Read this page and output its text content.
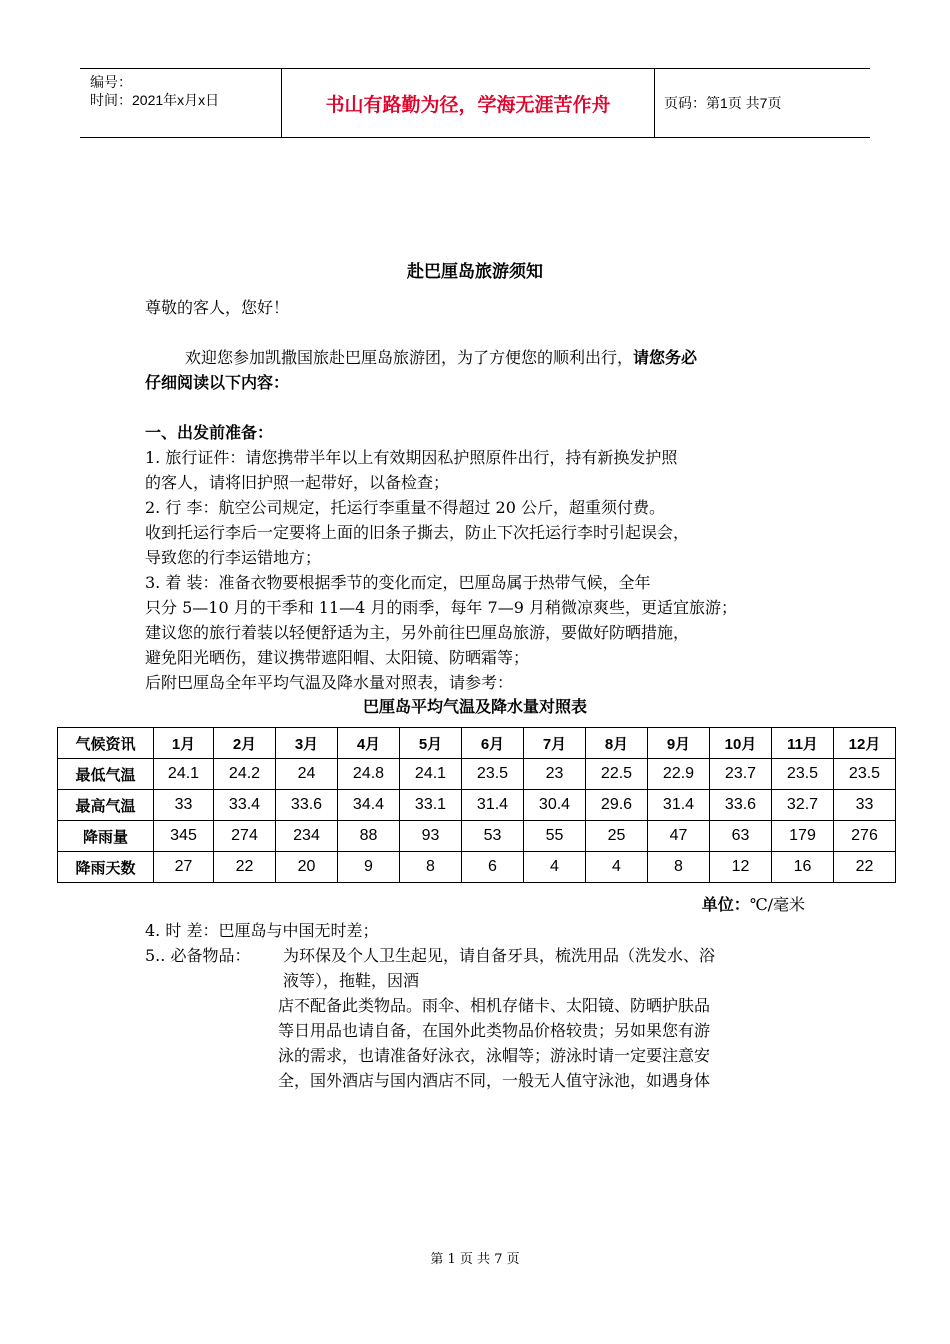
编号：
时间：2021年x月x日	书山有路勤为径，学海无涯苦作舟	页码：第1页 共7页
赴巴厘岛旅游须知
尊敬的客人，您好！
欢迎您参加凯撒国旅赴巴厘岛旅游团，为了方便您的顺利出行，请您务必
仔细阅读以下内容：
一、出发前准备：
1. 旅行证件：请您携带半年以上有效期因私护照原件出行，持有新换发护照
的客人，请将旧护照一起带好，以备检查；
2. 行 李：航空公司规定，托运行李重量不得超过 20 公斤，超重须付费。
收到托运行李后一定要将上面的旧条子撕去，防止下次托运行李时引起误会，
导致您的行李运错地方；
3. 着 装：准备衣物要根据季节的变化而定，巴厘岛属于热带气候，全年
只分 5—10 月的干季和 11—4 月的雨季，每年 7—9 月稍微凉爽些，更适宜旅游；
建议您的旅行着装以轻便舒适为主，另外前往巴厘岛旅游，要做好防晒措施，
避免阳光晒伤，建议携带遮阳帽、太阳镜、防晒霜等；
后附巴厘岛全年平均气温及降水量对照表，请参考：
巴厘岛平均气温及降水量对照表
气候资讯	1月	2月	3月	4月	5月	6月	7月	8月	9月	10月	11月	12月
最低气温	24.1	24.2	24	24.8	24.1	23.5	23	22.5	22.9	23.7	23.5	23.5
最高气温	33	33.4	33.6	34.4	33.1	31.4	30.4	29.6	31.4	33.6	32.7	33
降雨量	345	274	234	88	93	53	55	25	47	63	179	276
降雨天数	27	22	20	9	8	6	4	4	8	12	16	22
单位：℃/毫米
4. 时 差：巴厘岛与中国无时差；
5.. 必备物品： 为环保及个人卫生起见，请自备牙具，梳洗用品（洗发水、浴
液等），拖鞋，因酒
店不配备此类物品。雨伞、相机存储卡、太阳镜、防晒护肤品
等日用品也请自备，在国外此类物品价格较贵；另如果您有游
泳的需求，也请准备好泳衣，泳帽等；游泳时请一定要注意安
全，国外酒店与国内酒店不同，一般无人值守泳池，如遇身体
第 1 页 共 7 页
